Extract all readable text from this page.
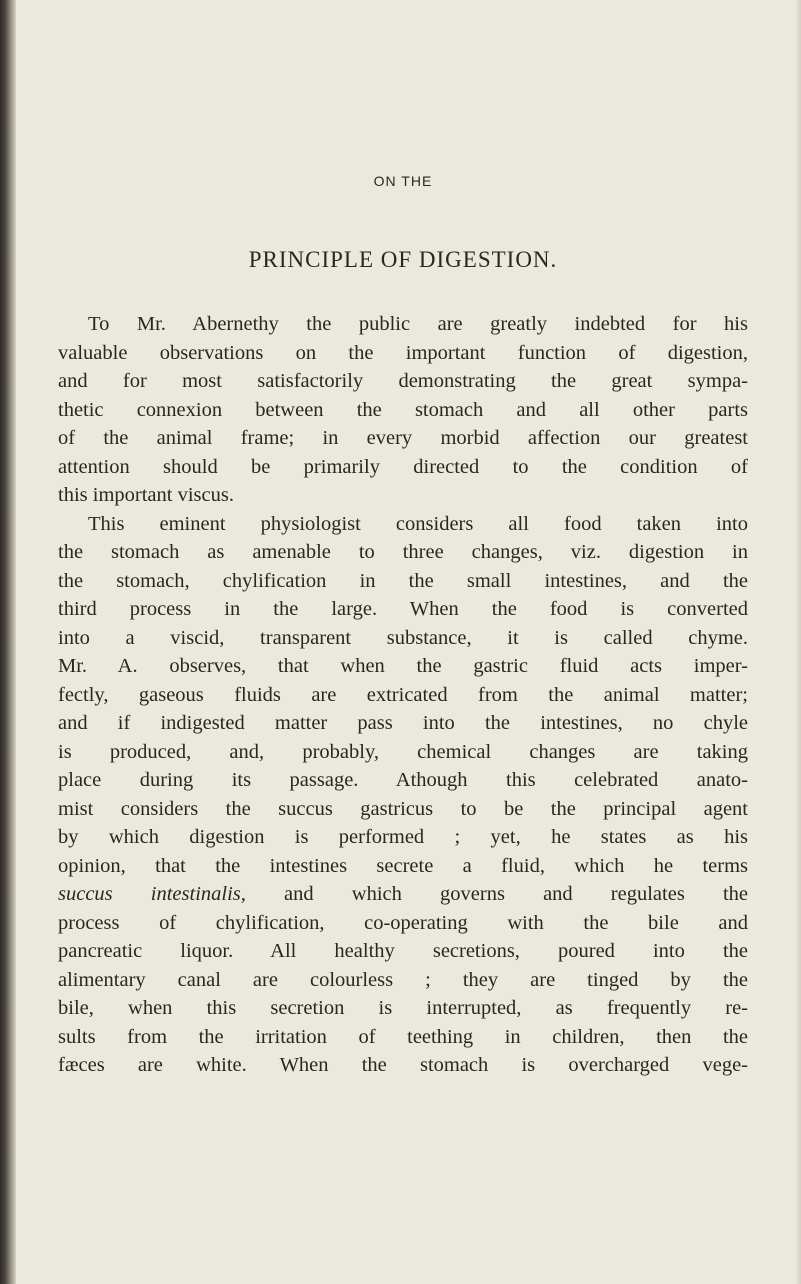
ON THE
PRINCIPLE OF DIGESTION.
To Mr. Abernethy the public are greatly indebted for his
valuable observations on the important function of digestion,
and for most satisfactorily demonstrating the great sympa-
thetic connexion between the stomach and all other parts
of the animal frame; in every morbid affection our greatest
attention should be primarily directed to the condition of
this important viscus.
This eminent physiologist considers all food taken into
the stomach as amenable to three changes, viz. digestion in
the stomach, chylification in the small intestines, and the
third process in the large. When the food is converted
into a viscid, transparent substance, it is called chyme.
Mr. A. observes, that when the gastric fluid acts imper-
fectly, gaseous fluids are extricated from the animal matter;
and if indigested matter pass into the intestines, no chyle
is produced, and, probably, chemical changes are taking
place during its passage. Athough this celebrated anato-
mist considers the succus gastricus to be the principal agent
by which digestion is performed ; yet, he states as his
opinion, that the intestines secrete a fluid, which he terms
succus intestinalis, and which governs and regulates the
process of chylification, co-operating with the bile and
pancreatic liquor. All healthy secretions, poured into the
alimentary canal are colourless ; they are tinged by the
bile, when this secretion is interrupted, as frequently re-
sults from the irritation of teething in children, then the
fæces are white. When the stomach is overcharged vege-
